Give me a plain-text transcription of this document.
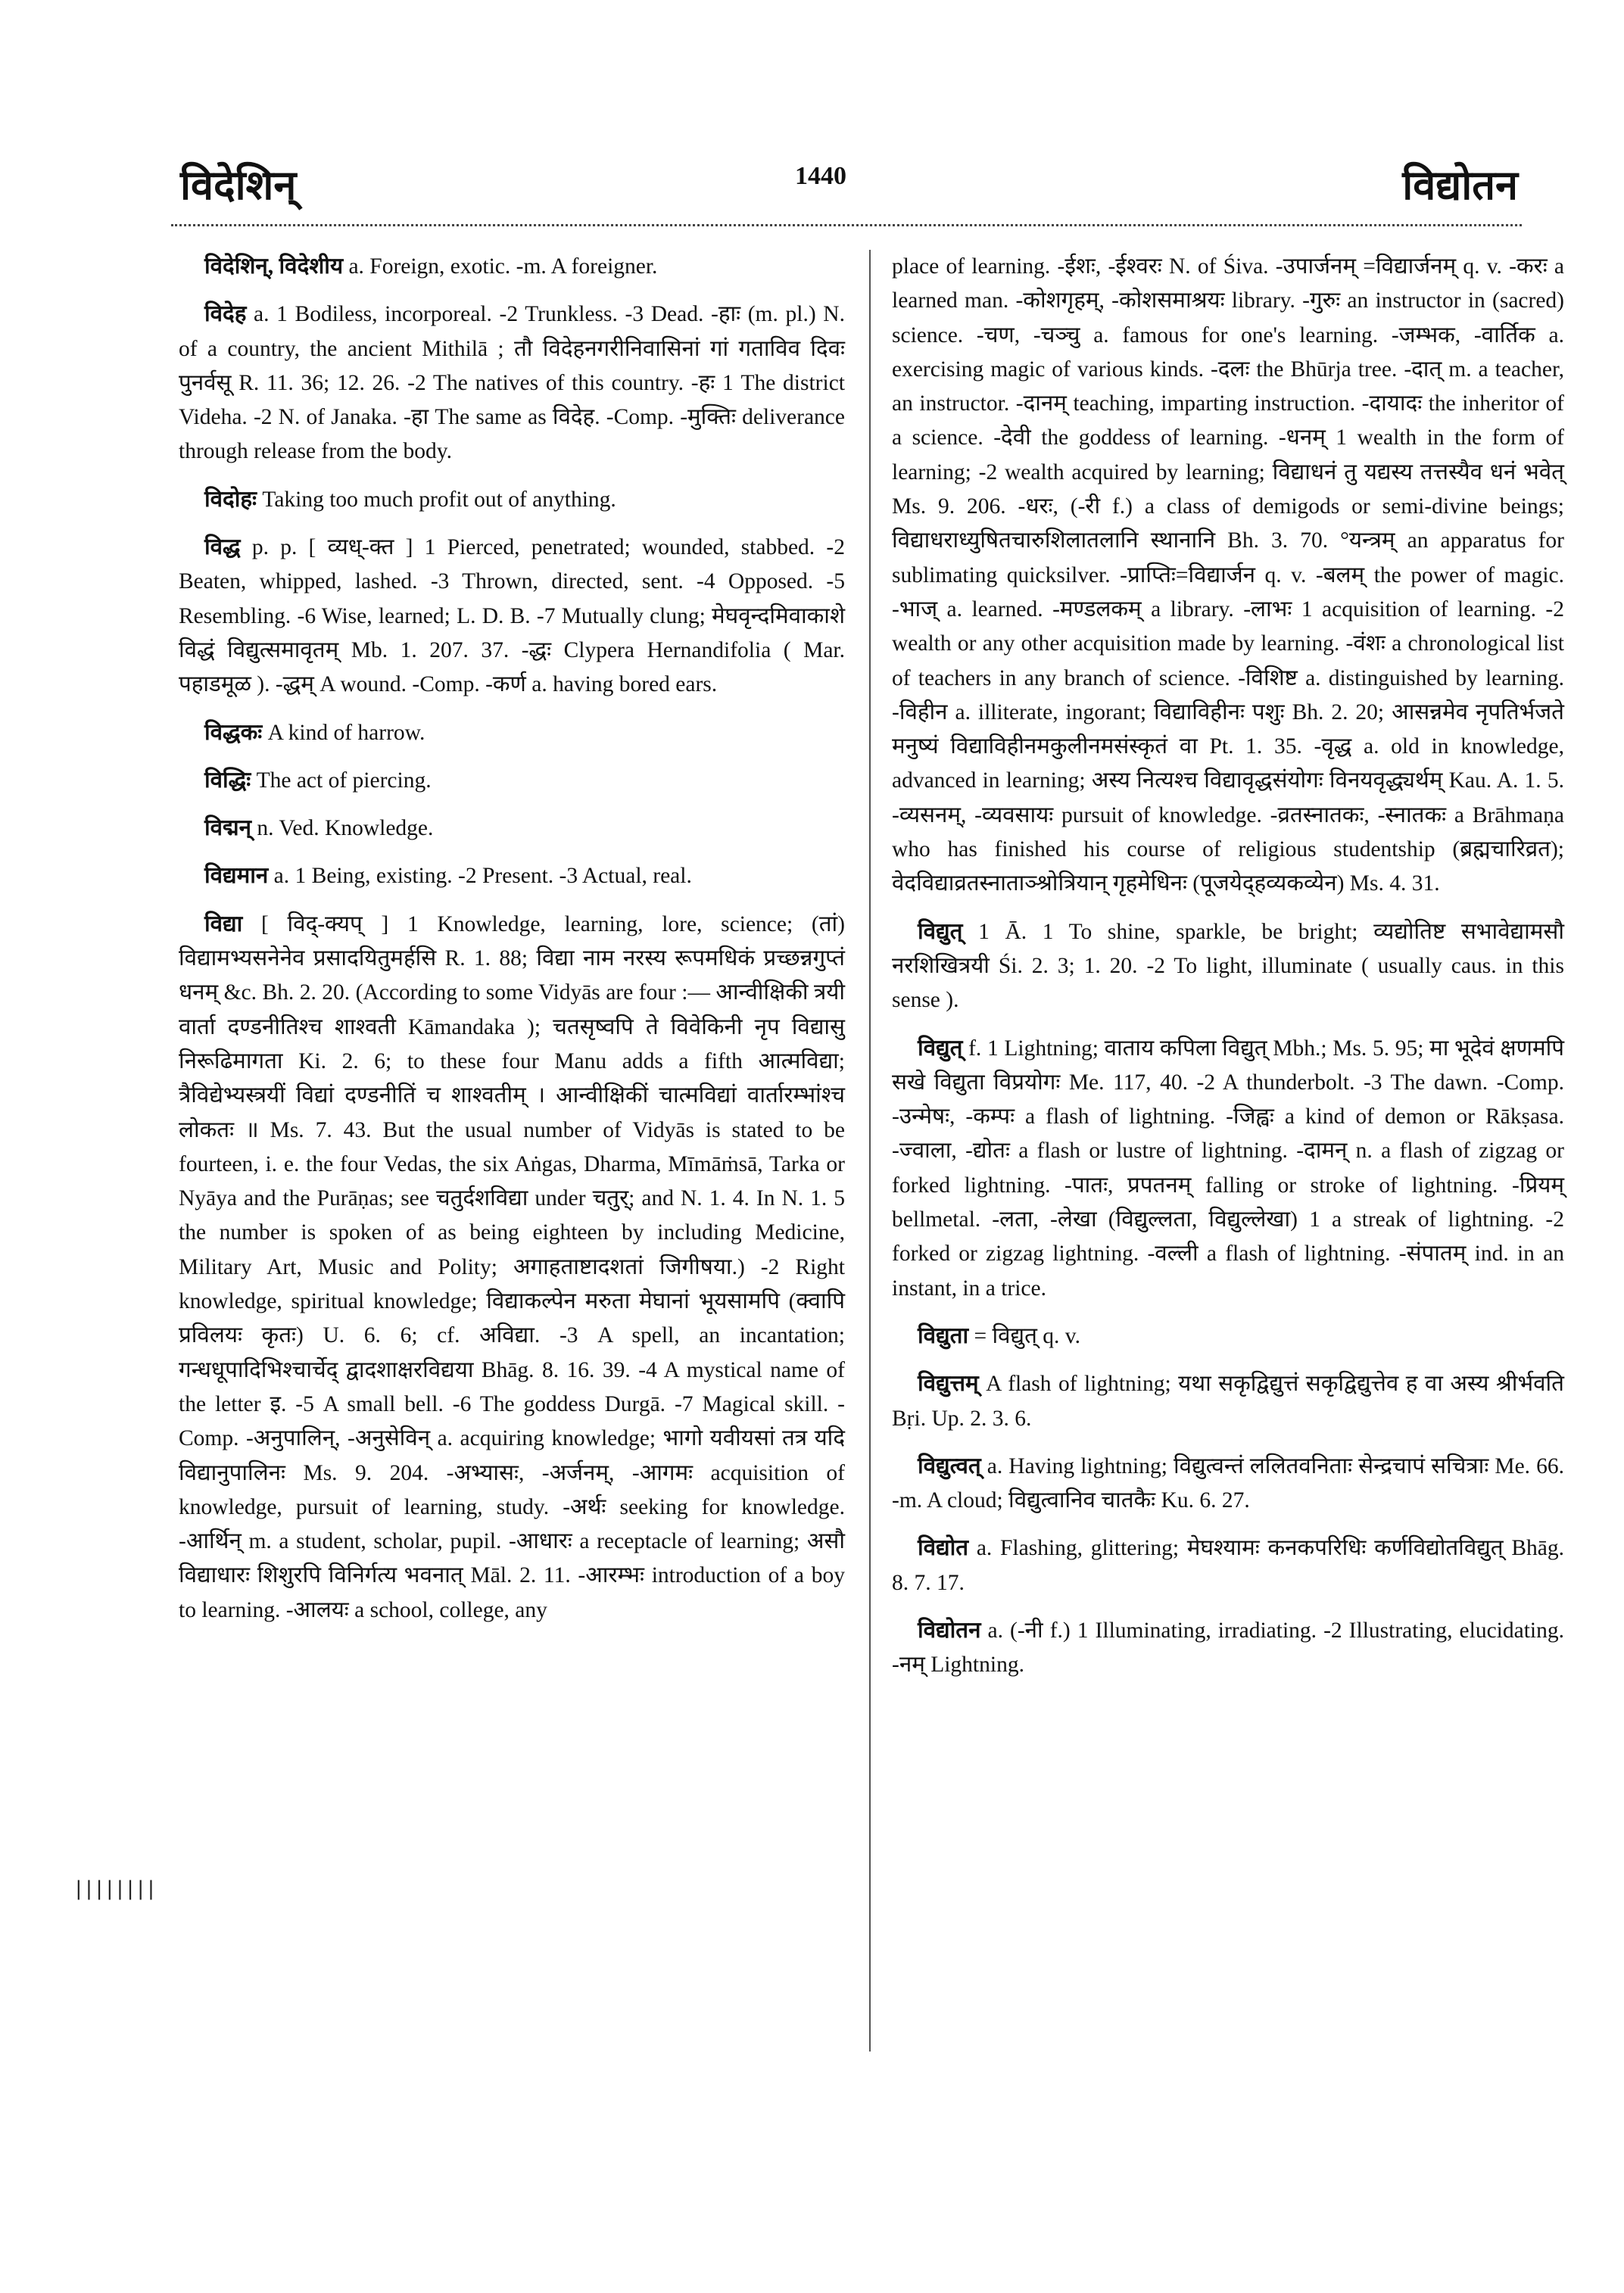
विदेशिन्	1440	विद्योतन

विदेशिन्, विदेशीय a. Foreign, exotic. -m. A foreigner.

विदेह a. 1 Bodiless, incorporeal. -2 Trunkless. -3 Dead. -हाः (m. pl.) N. of a country, the ancient Mithilā ; तौ विदेहनगरीनिवासिनां गां गताविव दिवः पुनर्वसू R. 11. 36; 12. 26. -2 The natives of this country. -हः 1 The district Videha. -2 N. of Janaka. -हा The same as विदेह. -Comp. -मुक्तिः deliverance through release from the body.

विदोहः Taking too much profit out of anything.

विद्ध p. p. [ व्यध्-क्त ] 1 Pierced, penetrated; wounded, stabbed. -2 Beaten, whipped, lashed. -3 Thrown, directed, sent. -4 Opposed. -5 Resembling. -6 Wise, learned; L. D. B. -7 Mutually clung; मेघवृन्दमिवाकाशे विद्धं विद्युत्समावृतम् Mb. 1. 207. 37. -द्धः Clypera Hernandifolia ( Mar. पहाडमूळ ). -द्धम् A wound. -Comp. -कर्ण a. having bored ears.

विद्धकः A kind of harrow.

विद्धिः The act of piercing.

विद्मन् n. Ved. Knowledge.

विद्यमान a. 1 Being, existing. -2 Present. -3 Actual, real.

विद्या [ विद्-क्यप् ] 1 Knowledge, learning, lore, science; (तां) विद्यामभ्यसनेनेव प्रसादयितुमर्हसि R. 1. 88; विद्या नाम नरस्य रूपमधिकं प्रच्छन्नगुप्तं धनम् &c. Bh. 2. 20. (According to some Vidyās are four :— आन्वीक्षिकी त्रयी वार्ता दण्डनीतिश्च शाश्वती Kāmandaka ); चतसृष्वपि ते विवेकिनी नृप विद्यासु निरूढिमागता Ki. 2. 6; to these four Manu adds a fifth आत्मविद्या; त्रैविद्येभ्यस्त्रयीं विद्यां दण्डनीतिं च शाश्वतीम् । आन्वीक्षिकीं चात्मविद्यां वार्तारम्भांश्च लोकतः ॥ Ms. 7. 43. But the usual number of Vidyās is stated to be fourteen, i. e. the four Vedas, the six Aṅgas, Dharma, Mīmāṁsā, Tarka or Nyāya and the Purāṇas; see चतुर्दशविद्या under चतुर्; and N. 1. 4. In N. 1. 5 the number is spoken of as being eighteen by including Medicine, Military Art, Music and Polity; अगाहताष्टादशतां जिगीषया.) -2 Right knowledge, spiritual knowledge; विद्याकल्पेन मरुता मेघानां भूयसामपि (क्वापि प्रविलयः कृतः) U. 6. 6; cf. अविद्या. -3 A spell, an incantation; गन्धधूपादिभिश्चार्चेद् द्वादशाक्षरविद्यया Bhāg. 8. 16. 39. -4 A mystical name of the letter इ. -5 A small bell. -6 The goddess Durgā. -7 Magical skill. -Comp. -अनुपालिन्, -अनुसेविन् a. acquiring knowledge; भागो यवीयसां तत्र यदि विद्यानुपालिनः Ms. 9. 204. -अभ्यासः, -अर्जनम्, -आगमः acquisition of knowledge, pursuit of learning, study. -अर्थः seeking for knowledge. -आर्थिन् m. a student, scholar, pupil. -आधारः a receptacle of learning; असौ विद्याधारः शिशुरपि विनिर्गत्य भवनात् Māl. 2. 11. -आरम्भः introduction of a boy to learning. -आलयः a school, college, any

place of learning. -ईशः, -ईश्वरः N. of Śiva. -उपार्जनम् =विद्यार्जनम् q. v. -करः a learned man. -कोशगृहम्, -कोशसमाश्रयः library. -गुरुः an instructor in (sacred) science. -चण, -चञ्चु a. famous for one's learning. -जम्भक, -वार्तिक a. exercising magic of various kinds. -दलः the Bhūrja tree. -दात् m. a teacher, an instructor. -दानम् teaching, imparting instruction. -दायादः the inheritor of a science. -देवी the goddess of learning. -धनम् 1 wealth in the form of learning; -2 wealth acquired by learning; विद्याधनं तु यद्यस्य तत्तस्यैव धनं भवेत् Ms. 9. 206. -धरः, (-री f.) a class of demigods or semi-divine beings; विद्याधराध्युषितचारुशिलातलानि स्थानानि Bh. 3. 70. °यन्त्रम् an apparatus for sublimating quicksilver. -प्राप्तिः=विद्यार्जन q. v. -बलम् the power of magic. -भाज् a. learned. -मण्डलकम् a library. -लाभः 1 acquisition of learning. -2 wealth or any other acquisition made by learning. -वंशः a chronological list of teachers in any branch of science. -विशिष्ट a. distinguished by learning. -विहीन a. illiterate, ingorant; विद्याविहीनः पशुः Bh. 2. 20; आसन्नमेव नृपतिर्भजते मनुष्यं विद्याविहीनमकुलीनमसंस्कृतं वा Pt. 1. 35. -वृद्ध a. old in knowledge, advanced in learning; अस्य नित्यश्च विद्यावृद्धसंयोगः विनयवृद्ध्यर्थम् Kau. A. 1. 5. -व्यसनम्, -व्यवसायः pursuit of knowledge. -व्रतस्नातकः, -स्नातकः a Brāhmaṇa who has finished his course of religious studentship (ब्रह्मचारिव्रत); वेदविद्याव्रतस्नाताञ्श्रोत्रियान् गृहमेधिनः (पूजयेद्हव्यकव्येन) Ms. 4. 31.

विद्युत् 1 Ā. 1 To shine, sparkle, be bright; व्यद्योतिष्ट सभावेद्यामसौ नरशिखित्रयी Śi. 2. 3; 1. 20. -2 To light, illuminate ( usually caus. in this sense ).

विद्युत् f. 1 Lightning; वाताय कपिला विद्युत् Mbh.; Ms. 5. 95; मा भूदेवं क्षणमपि सखे विद्युता विप्रयोगः Me. 117, 40. -2 A thunderbolt. -3 The dawn. -Comp. -उन्मेषः, -कम्पः a flash of lightning. -जिह्वः a kind of demon or Rākṣasa. -ज्वाला, -द्योतः a flash or lustre of lightning. -दामन् n. a flash of zigzag or forked lightning. -पातः, प्रपतनम् falling or stroke of lightning. -प्रियम् bellmetal. -लता, -लेखा (विद्युल्लता, विद्युल्लेखा) 1 a streak of lightning. -2 forked or zigzag lightning. -वल्ली a flash of lightning. -संपातम् ind. in an instant, in a trice.

विद्युता = विद्युत् q. v.

विद्युत्तम् A flash of lightning; यथा सकृद्विद्युत्तं सकृद्विद्युत्तेव ह वा अस्य श्रीर्भवति Bṛi. Up. 2. 3. 6.

विद्युत्वत् a. Having lightning; विद्युत्वन्तं ललितवनिताः सेन्द्रचापं सचित्राः Me. 66. -m. A cloud; विद्युत्वानिव चातकैः Ku. 6. 27.

विद्योत a. Flashing, glittering; मेघश्यामः कनकपरिधिः कर्णविद्योतविद्युत् Bhāg. 8. 7. 17.

विद्योतन a. (-नी f.) 1 Illuminating, irradiating. -2 Illustrating, elucidating. -नम् Lightning.

||||||||
